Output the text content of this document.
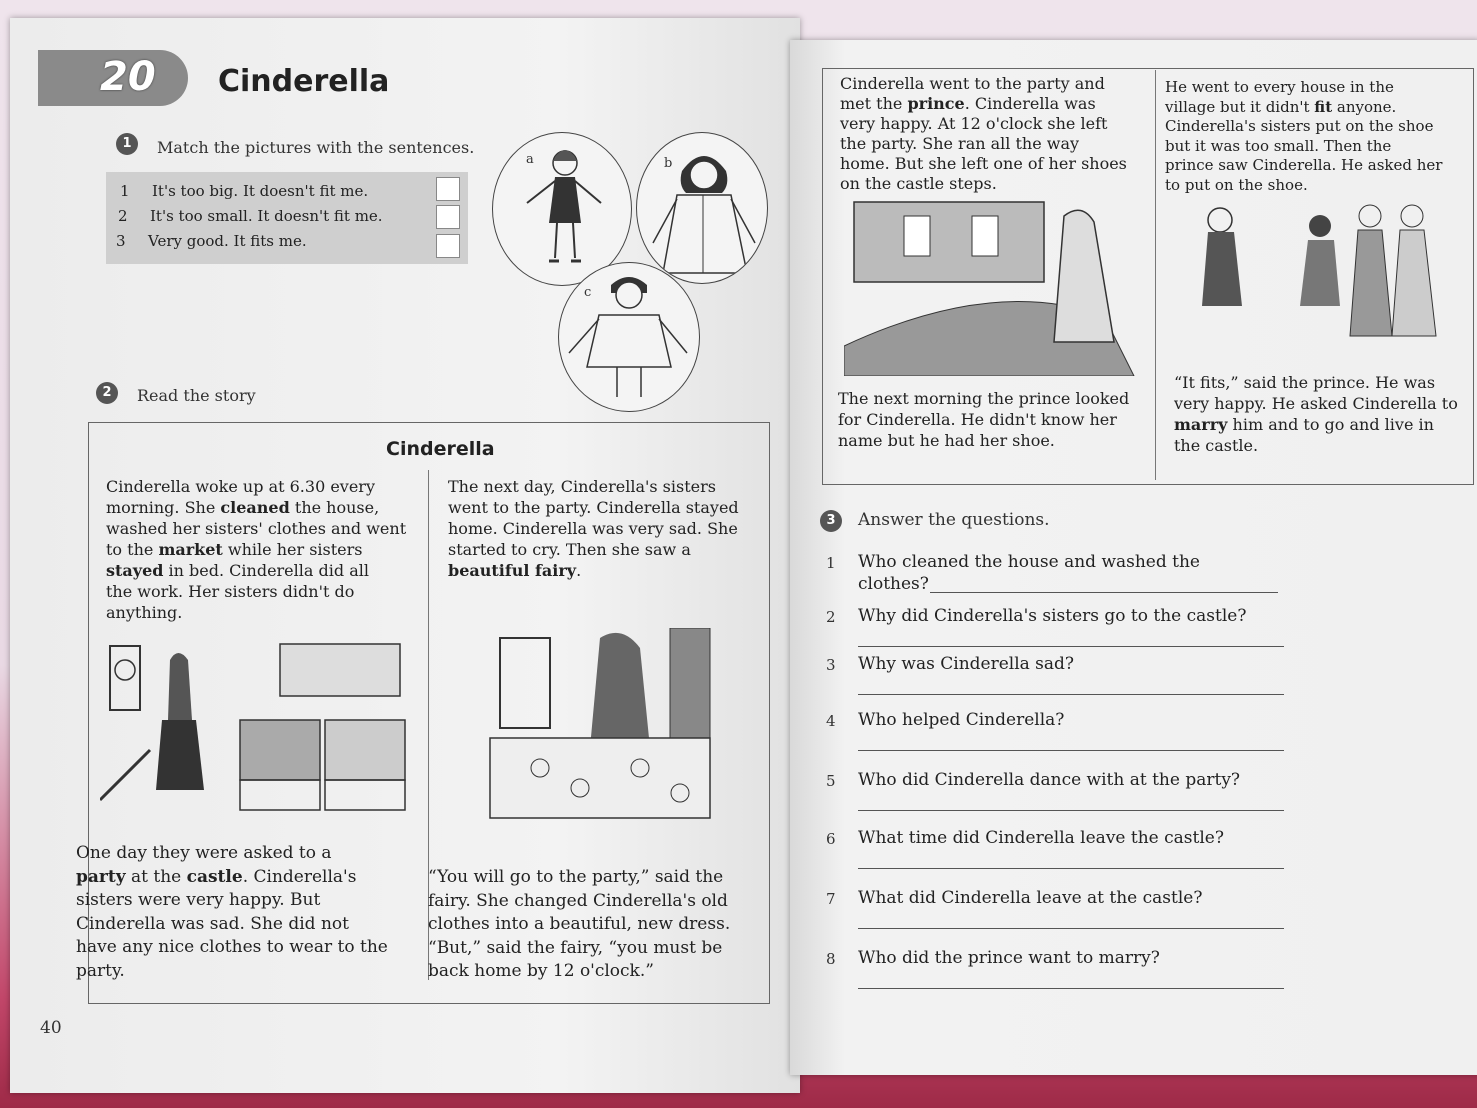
20 Cinderella
1	Match the pictures with the sentences.
1 It's too big. It doesn't fit me.
2 It's too small. It doesn't fit me.
3 Very good. It fits me.
a	b
c
2	Read the story
Cinderella
Cinderella woke up at 6.30 every
morning. She cleaned the house,
washed her sisters' clothes and went
to the market while her sisters
stayed in bed. Cinderella did all
the work. Her sisters didn't do
anything.
The next day, Cinderella's sisters
went to the party. Cinderella stayed
home. Cinderella was very sad. She
started to cry. Then she saw a
beautiful fairy.
One day they were asked to a
party at the castle. Cinderella's
sisters were very happy. But
Cinderella was sad. She did not
have any nice clothes to wear to the
party.
“You will go to the party,” said the
fairy. She changed Cinderella's old
clothes into a beautiful, new dress.
“But,” said the fairy, “you must be
back home by 12 o'clock.”
40
Cinderella went to the party and
met the prince. Cinderella was
very happy. At 12 o'clock she left
the party. She ran all the way
home. But she left one of her shoes
on the castle steps.
He went to every house in the
village but it didn't fit anyone.
Cinderella's sisters put on the shoe
but it was too small. Then the
prince saw Cinderella. He asked her
to put on the shoe.
The next morning the prince looked
for Cinderella. He didn't know her
name but he had her shoe.
“It fits,” said the prince. He was
very happy. He asked Cinderella to
marry him and to go and live in
the castle.
3	Answer the questions.
1 Who cleaned the house and washed the
clothes?
2 Why did Cinderella's sisters go to the castle?
3 Why was Cinderella sad?
4 Who helped Cinderella?
5 Who did Cinderella dance with at the party?
6 What time did Cinderella leave the castle?
7 What did Cinderella leave at the castle?
8 Who did the prince want to marry?
